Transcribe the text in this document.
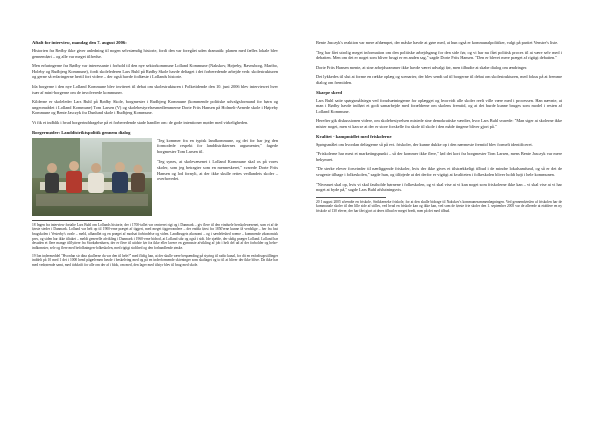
Aftalt for interview, mandag den 7. august 2006:

Historien fra Redby ikke giver anledning til nogen selvstændig historie, fordi den var foregået uden dramatik: planen med fælles lokale blev gennemført – og alle var meget tilfredse.

Men erfaringerne fra Rødby var interessante i forhold til den nye sektorkommune Lolland Kommune (Nakskov, Højreby, Ravnsborg, Maribo, Holeby og Rudbjerg Kommune), fordi skolelederen Lars Buhl på Rødby Skole havde deltaget i det forberedende arbejde vedr. skolestrukturen og gerne så erfaringerne hertil fort videre – der også havde fodfæste i Lollands historie.

Ida borgerne i den nye Lolland Kommune blev inviteret til debat om skolestrukturen i Folketidende den 10. juni 2006 blev interviewet hver især af mini-borgerne om de involverede kommuner.

Kilderne er skoleleder Lars Buhl på Rødby Skole, borgmester i Rudbjerg Kommune (kommende politiske udvalgsformand for børn og ungeområdet i Lolland Kommune) Tom Larsen (V) og skolebestyrelsesmedlemmerne Dorte Frits Hansen på Holmelt-Avnede skole i Højreby Kommune og Bente Jasczyk fra Dunlund skole i Rudbjerg Kommune.

Vi fik et indblik i hvad borgerinddragelse på et forberedende stade handler om: de gode intentioner møder med virkeligheden.

Borgermøder: Landdistriktspolitik gennem dialog

"Jeg kommer fra en typisk landkommune, og det for har jeg den formodede respekt for landdistrikternes argumenter," fagede borgmester Tom Larsen til.

"Jeg synes, at skolevæsenet i Lolland Kommune skal os på vores skoler, som jeg betragter som en menneskeret," svarede Dorte Frits Hansen og lod fornylt, at der ikke skulle rettes vedlandets skoler – overhovedet.

18 Ingen fra interview fortalte Lars Buhl om Lollands historie, der i 1700-tallet var centreret rigt og i Danmark – giv flere til den vinduele herskolevæsenet, som et af de første steder i Danmark. Lolland var helt op til 1900-erne præget af tiggeri, med meget tiggervandere – der endda først fra 1850'erne kunne få verdslige – her fra fast brugskolen i Vesterby's ovale – meld, afhandlet og en præget af modsat forbindelse og viden. Landbrugets økonomi – og i særdeleshed roeme – kommende økonomisk pres, og siden har ikke tiltaket – meldt generelle afvikling i Danmark i 1960-erne bidrod, at Lolland står og også i sidt. Ide sjælde, der sådig præger Lolland. Lolland har desuden et flere mange tilflyttere fra Storkøbenhavn, der er flere til utidste før fra ikke eller lavere en gymnasie afvikling af job i helt del ud af der forholder og helse-indkomster, selv og flere med befolkningen-folkeskolen, med rigtigt stolthed og den forhandlende ønske.

19 Ion indermeddel "Hvordan sir dina skullerne du var den til hele?" med flidig han, at der skulle være bespænding på styring til radio kanal, for dit en enfodtsopstillinger inddelt på 10 med 1 det i 1000 hend pågælvmen havde i beskelving med og på en inderformende skivninger som skaltaget og to til at bliver der ikke blive. Da ikke har med vedrørende samt, med tidskrift for alle om der af i blok, om med, den lager med tilstyr blev til brug med skole.

Bente Jasczyk's reaktion var mere afdæmpet, der måske havde at gøre med, at hun også er kommunalpolitiker, valgt på partiet Venstre's liste.

"Jeg har fået utrolig meget information om den politiske arbejdsgang for den side før, og vi har nu fået politisk proces til at være selv med i debatten. Men om det er noget som bliver brugt er en anden sag," sagde Dorte Frits Hansen. "Den er blevet mere præget af rigtigt debatten."

Dorte Frits Hansen mente, at sine arbejdsrammer ikke havde været udvalgt før, men tilbudte at skabe dialog om ændringer.

Det lykkedes til slut at forme en række oplæg og scenarier, der blev sendt ud til borgerne til debat om skolestrukturen, med fokus på at fremme dialog om fremtiden.

Skarpe skred

Lars Buhl satte spørgsmålstegn ved forudsætningerne for oplægget og hvorvidt alle skoler reelt ville være med i processen. Han nævnte, at man i Rødby havde indført et godt samarbejde med forældrene om skolens fremtid, og at det burde kunne bruges som model i resten af Lolland Kommune.

Herefter gik diskussionen videre, om skolebestyrelsen mistede sine demokratiske værdier, hvor Lars Buhl svarede: "Man siger at skolerne ikke mister noget, men vi kan se at der er store forskelle fra skole til skole i den måde tingene bliver gjort på."

Kvalitet - kampmidlet med friskolerne

Spørgsmålet om hvordan deltagerne så på evt. friskoler, der kunne dukke op i den nærmeste fremtid blev formelt identificeret.

"Friskolerne har mest et marketingspunkt – så der kommer ikke flere," lød det kort fra borgmester Tom Larsen, mens Bente Jasczyk var mere bekymret.

"De sterke elever forsvinder til nærliggende friskoler, hvis der ikke gives et tilstrækkeligt tilbud i de mindre lokalsamfund, og så er det de svageste tilbage i folkeskolen," sagde hun, og tilføjede at det derfor er vigtigt at kvaliteten i folkeskolen bliver holdt højt i hele kommunen.

"Niveauet skal op, hvis vi skal fastholde børnene i folkeskolen, og vi skal vise at vi kan noget som friskolerne ikke kan – vi skal vise at vi har noget at byde på," sagde Lars Buhl afslutningsvis.

20 I august 2005 afvendte en friskole, Strikkerneke friskole, for at den skulle bidrage til Nakskov's kommunesammenlægningen. Ved gennemførslen af friskolen har de kommunale skoler til den lille side af stilles, ved hvad en friskole kan og ikke kan, ved som de første frie skoler den 1. september 2005 var de allerede at etablere en ny friskole af 130 elever, der har fået gjort at deres tilbud er meget bredt, men på det med tilbud.
